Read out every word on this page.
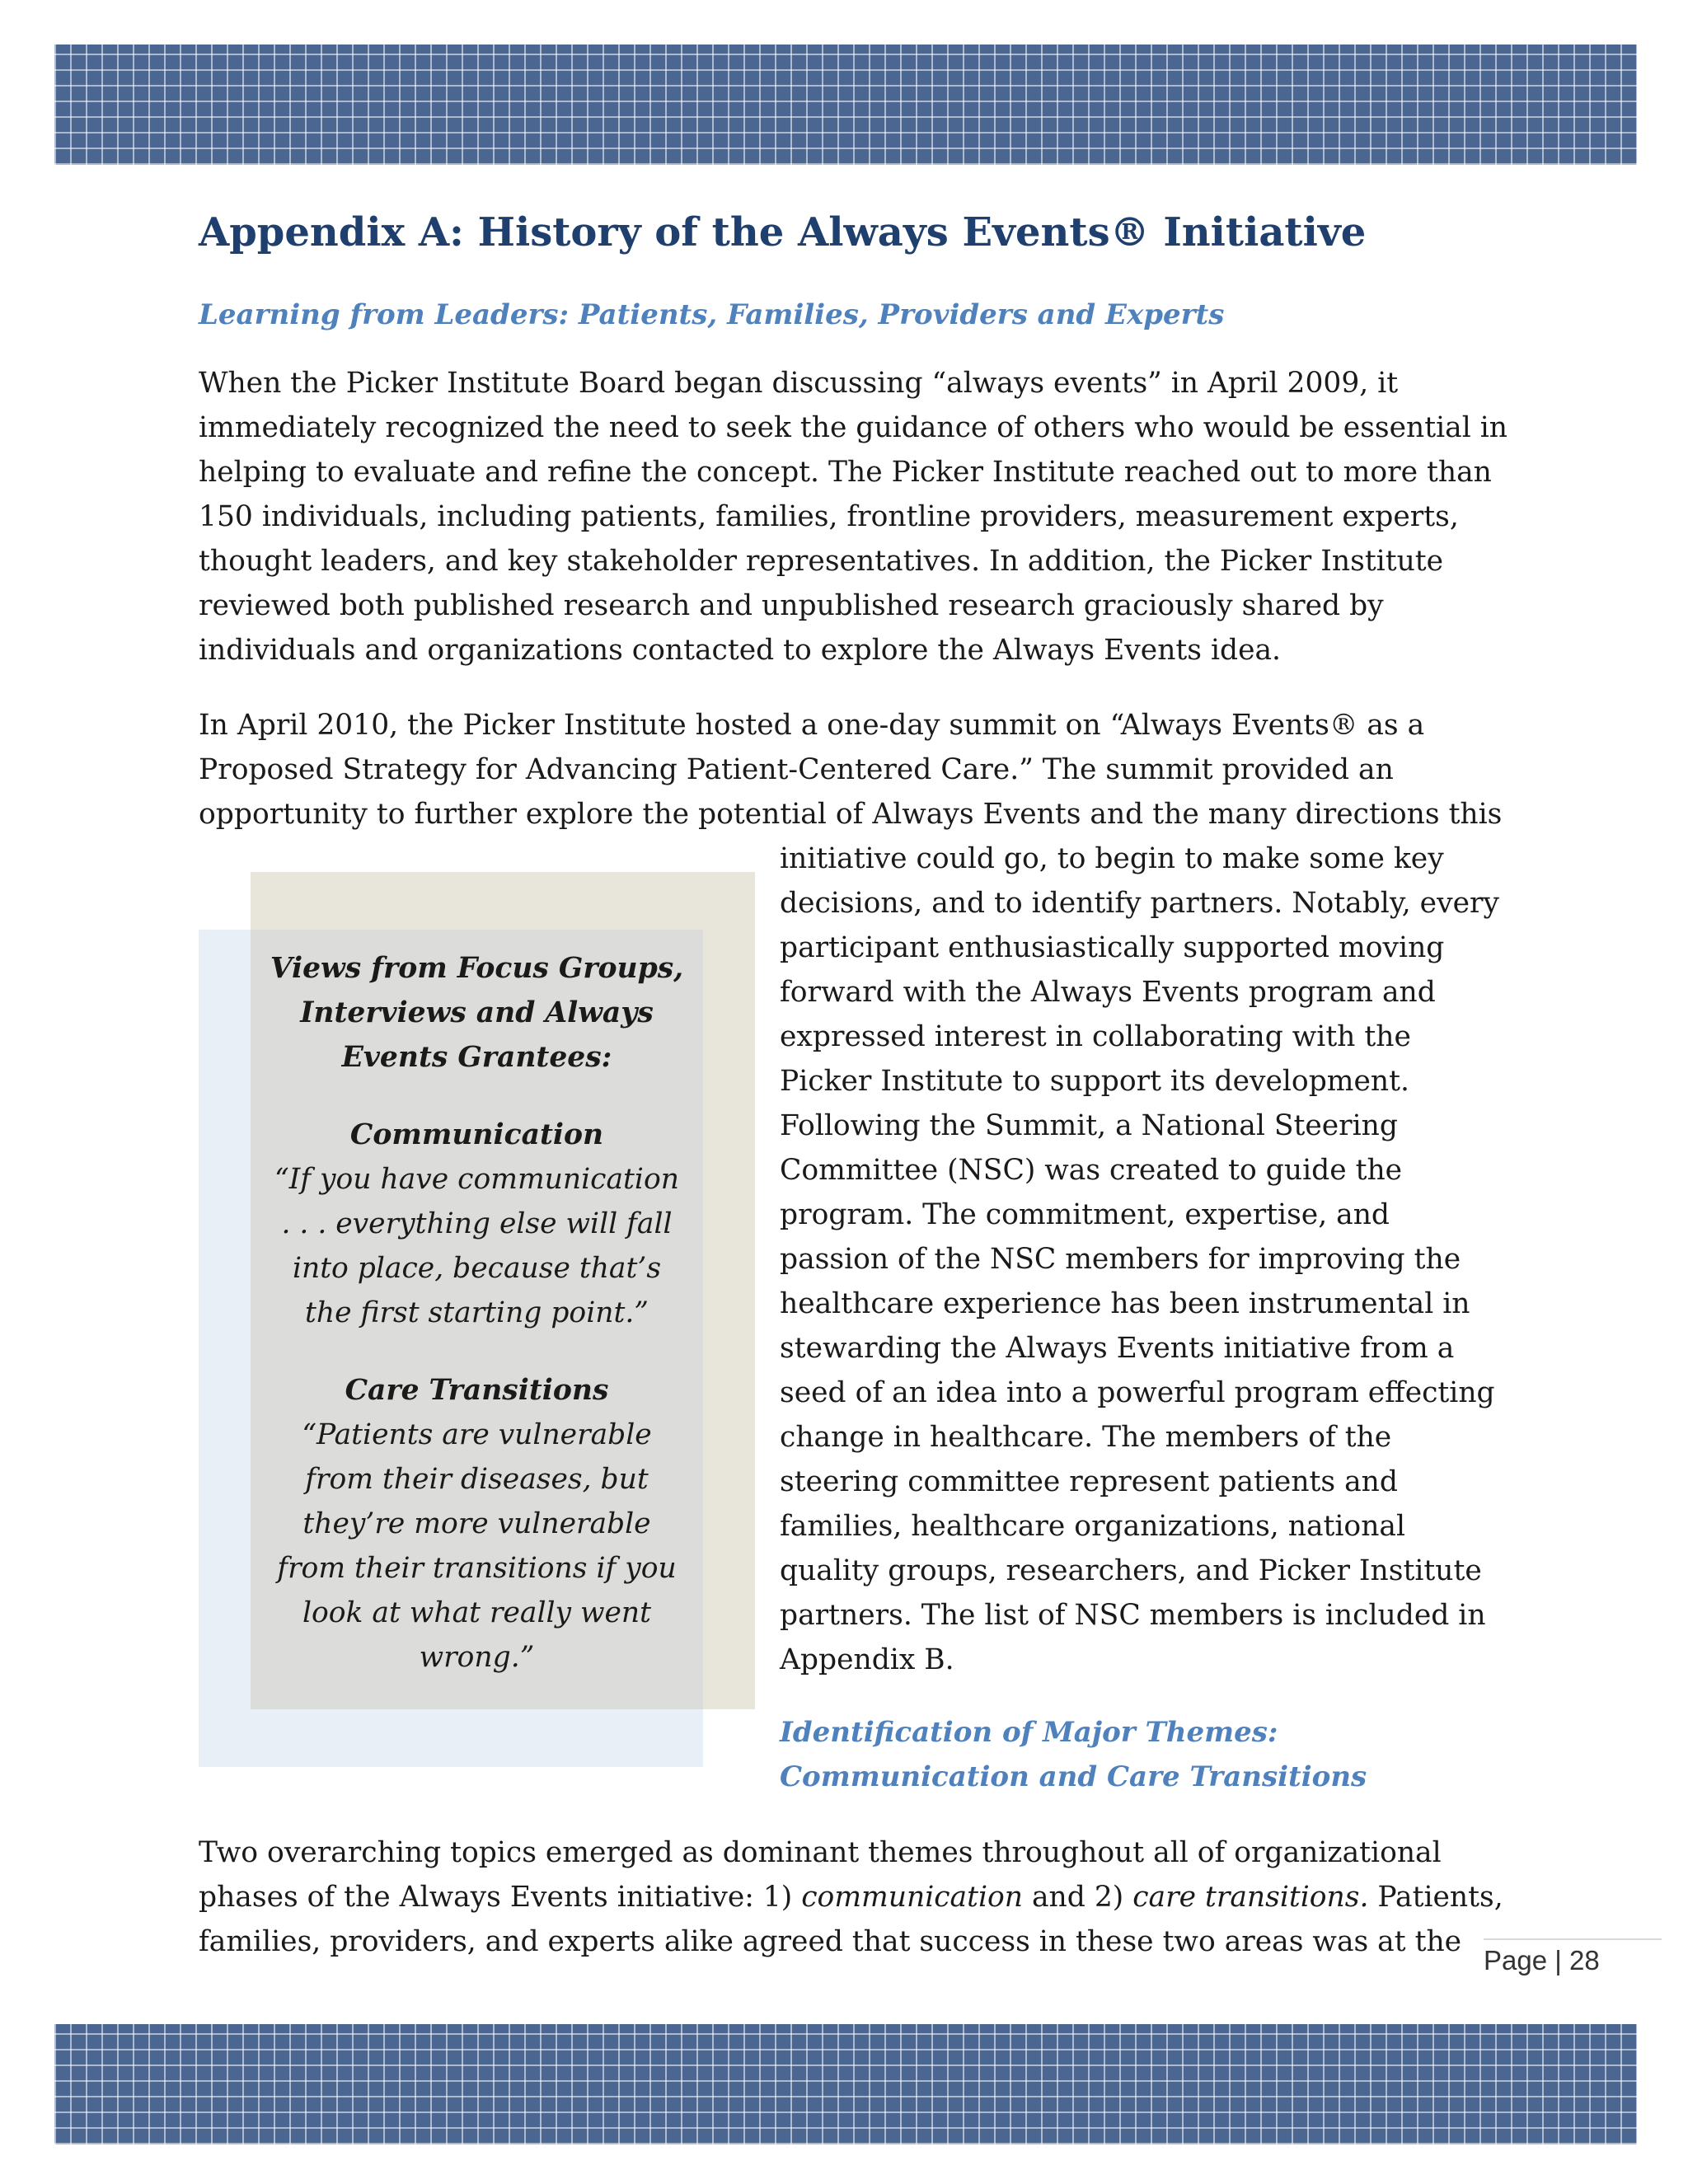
Appendix A: History of the Always Events® Initiative
Learning from Leaders: Patients, Families, Providers and Experts

When the Picker Institute Board began discussing “always events” in April 2009, it
immediately recognized the need to seek the guidance of others who would be essential in
helping to evaluate and refine the concept. The Picker Institute reached out to more than
150 individuals, including patients, families, frontline providers, measurement experts,
thought leaders, and key stakeholder representatives. In addition, the Picker Institute
reviewed both published research and unpublished research graciously shared by
individuals and organizations contacted to explore the Always Events idea.

In April 2010, the Picker Institute hosted a one-day summit on “Always Events® as a
Proposed Strategy for Advancing Patient-Centered Care.” The summit provided an
opportunity to further explore the potential of Always Events and the many directions this

Views from Focus Groups,
Interviews and Always
Events Grantees:
Communication
“If you have communication
. . . everything else will fall
into place, because that’s
the first starting point.”
Care Transitions
“Patients are vulnerable
from their diseases, but
they’re more vulnerable
from their transitions if you
look at what really went
wrong.”

initiative could go, to begin to make some key
decisions, and to identify partners. Notably, every
participant enthusiastically supported moving
forward with the Always Events program and
expressed interest in collaborating with the
Picker Institute to support its development.
Following the Summit, a National Steering
Committee (NSC) was created to guide the
program. The commitment, expertise, and
passion of the NSC members for improving the
healthcare experience has been instrumental in
stewarding the Always Events initiative from a
seed of an idea into a powerful program effecting
change in healthcare. The members of the
steering committee represent patients and
families, healthcare organizations, national
quality groups, researchers, and Picker Institute
partners. The list of NSC members is included in
Appendix B.

Identification of Major Themes:
Communication and Care Transitions

Two overarching topics emerged as dominant themes throughout all of organizational
phases of the Always Events initiative: 1) communication and 2) care transitions. Patients,
families, providers, and experts alike agreed that success in these two areas was at the

Page | 28
